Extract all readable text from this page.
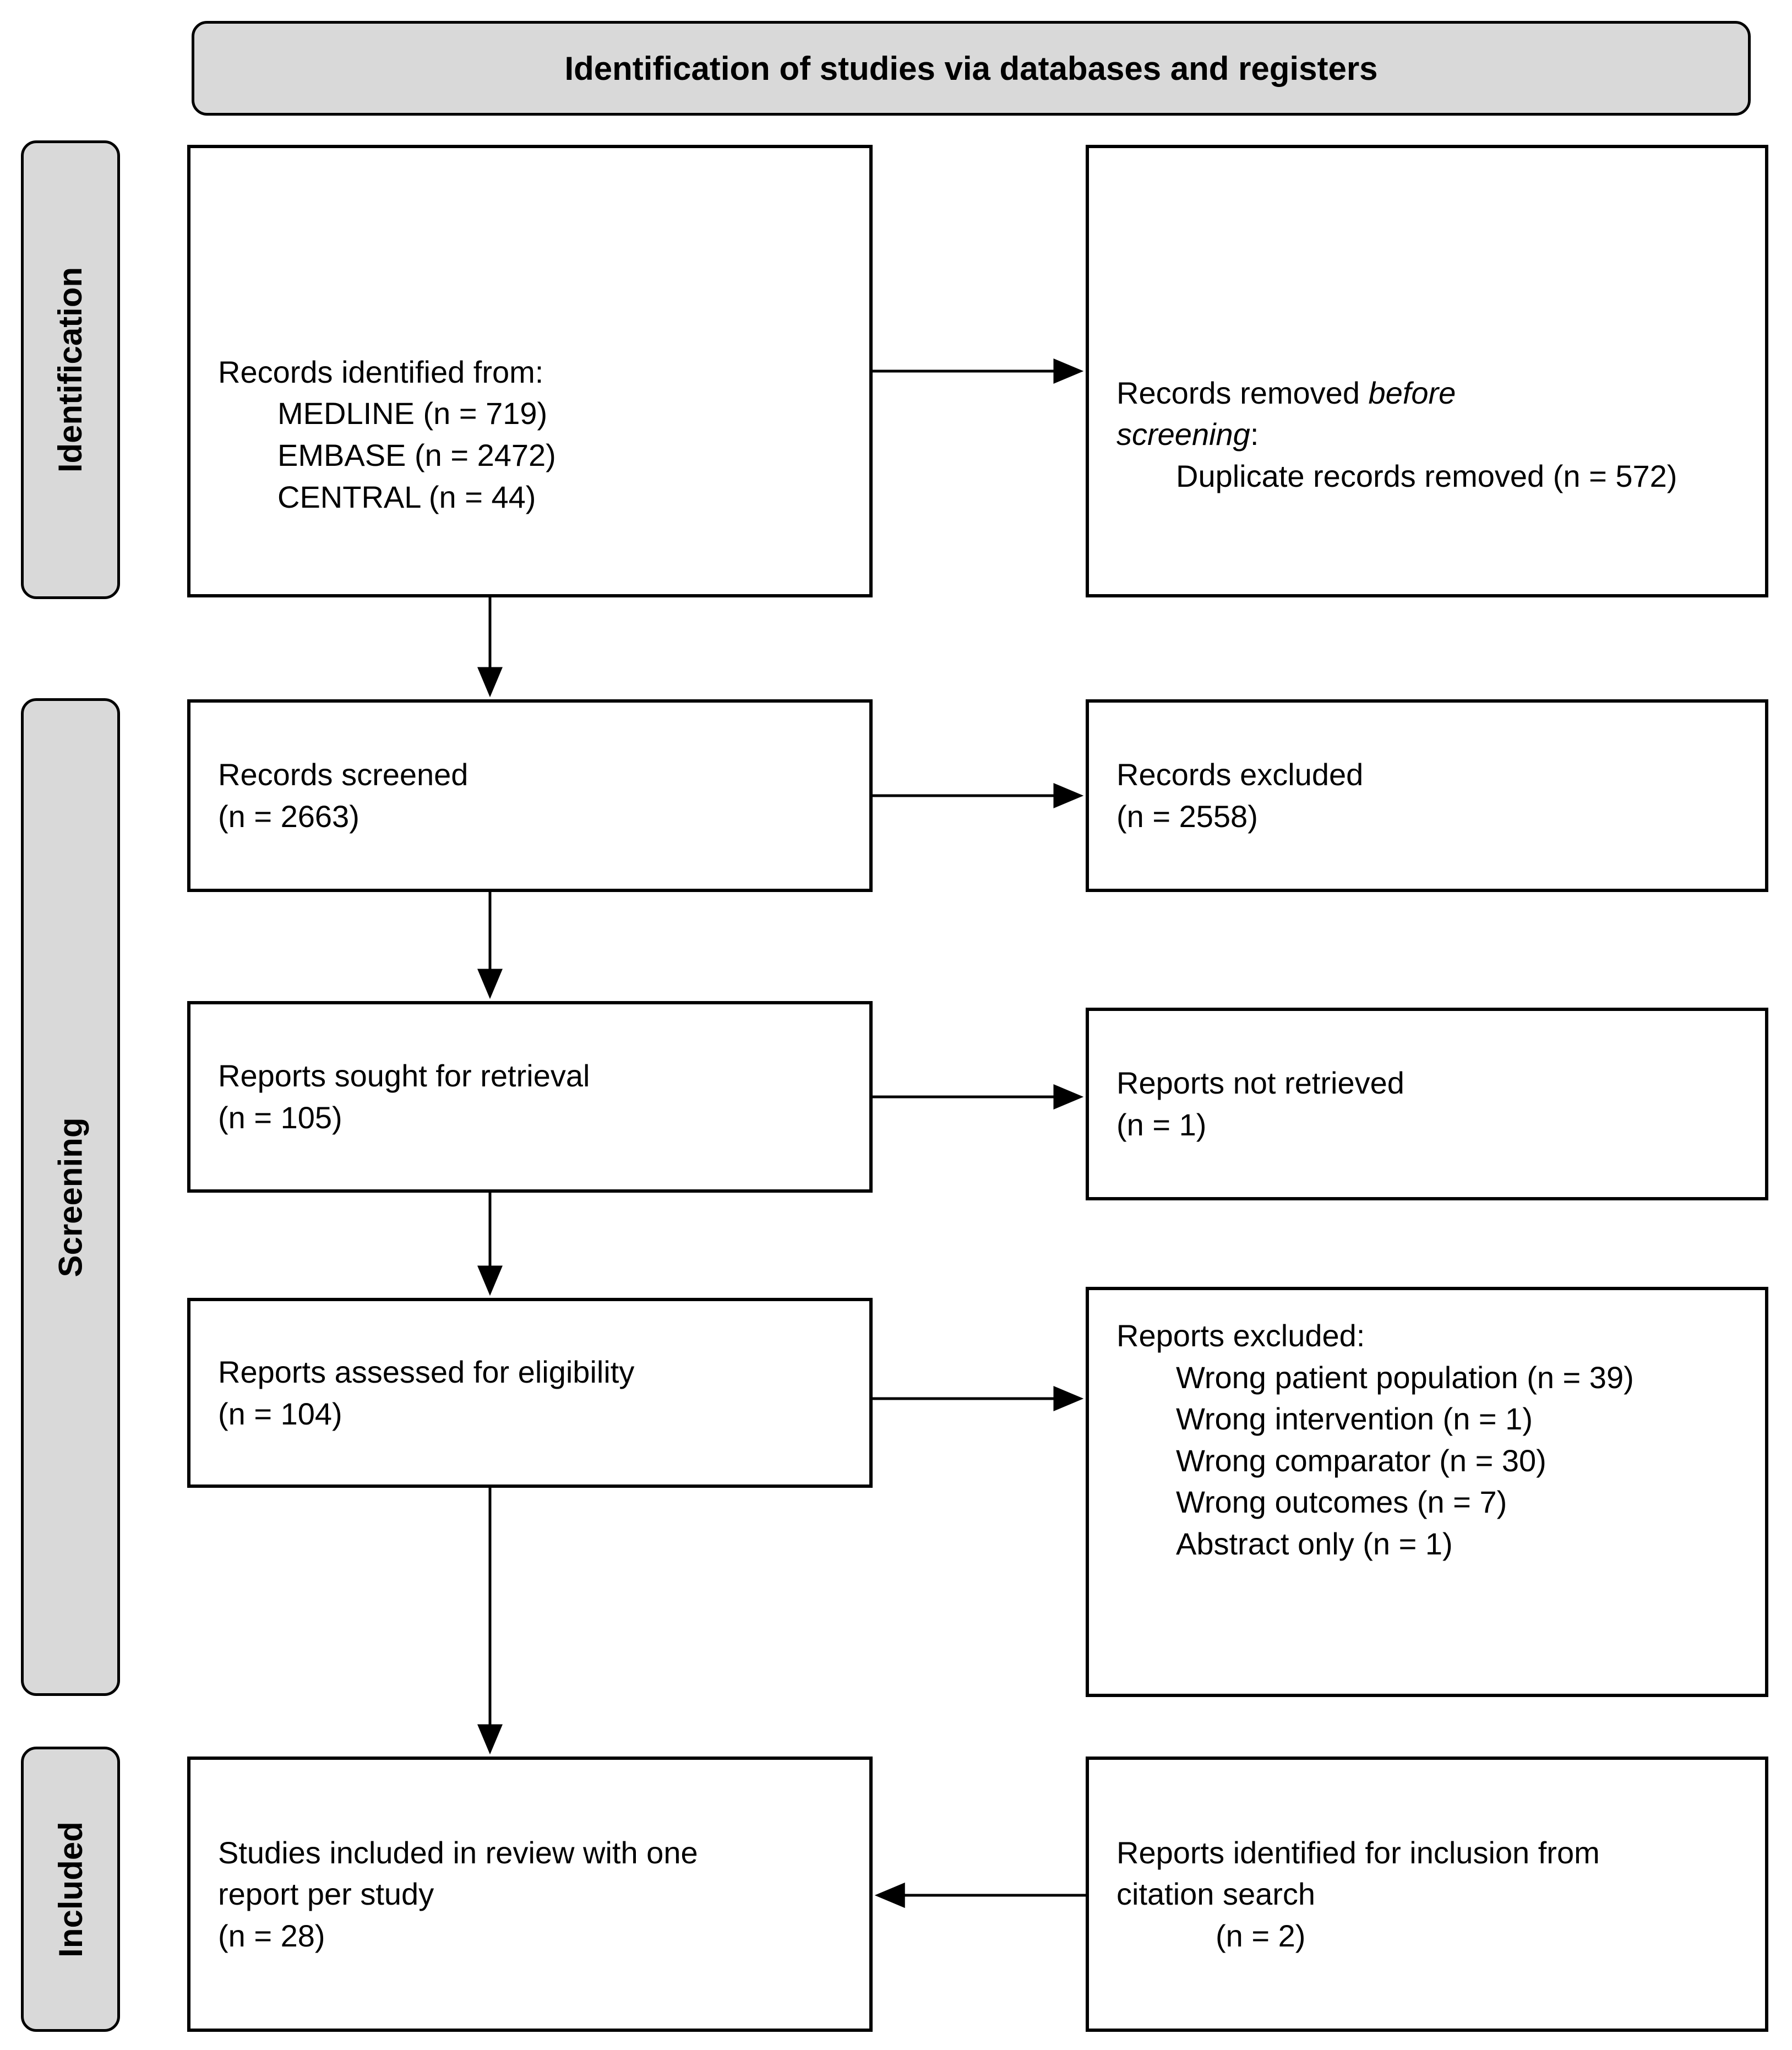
Identification of studies via databases and registers
Identification
Screening
Included
Records identified from:
MEDLINE (n = 719)
EMBASE (n = 2472)
CENTRAL (n = 44)
Records screened
(n = 2663)
Reports sought for retrieval
(n = 105)
Reports assessed for eligibility
(n = 104)
Studies included in review with one report per study
(n = 28)
Records removed before screening:
Duplicate records removed (n = 572)
Records excluded
(n = 2558)
Reports not retrieved
(n = 1)
Reports excluded:
Wrong patient population (n = 39)
Wrong intervention (n = 1)
Wrong comparator (n = 30)
Wrong outcomes (n = 7)
Abstract only (n = 1)
Reports identified for inclusion from citation search
(n = 2)
